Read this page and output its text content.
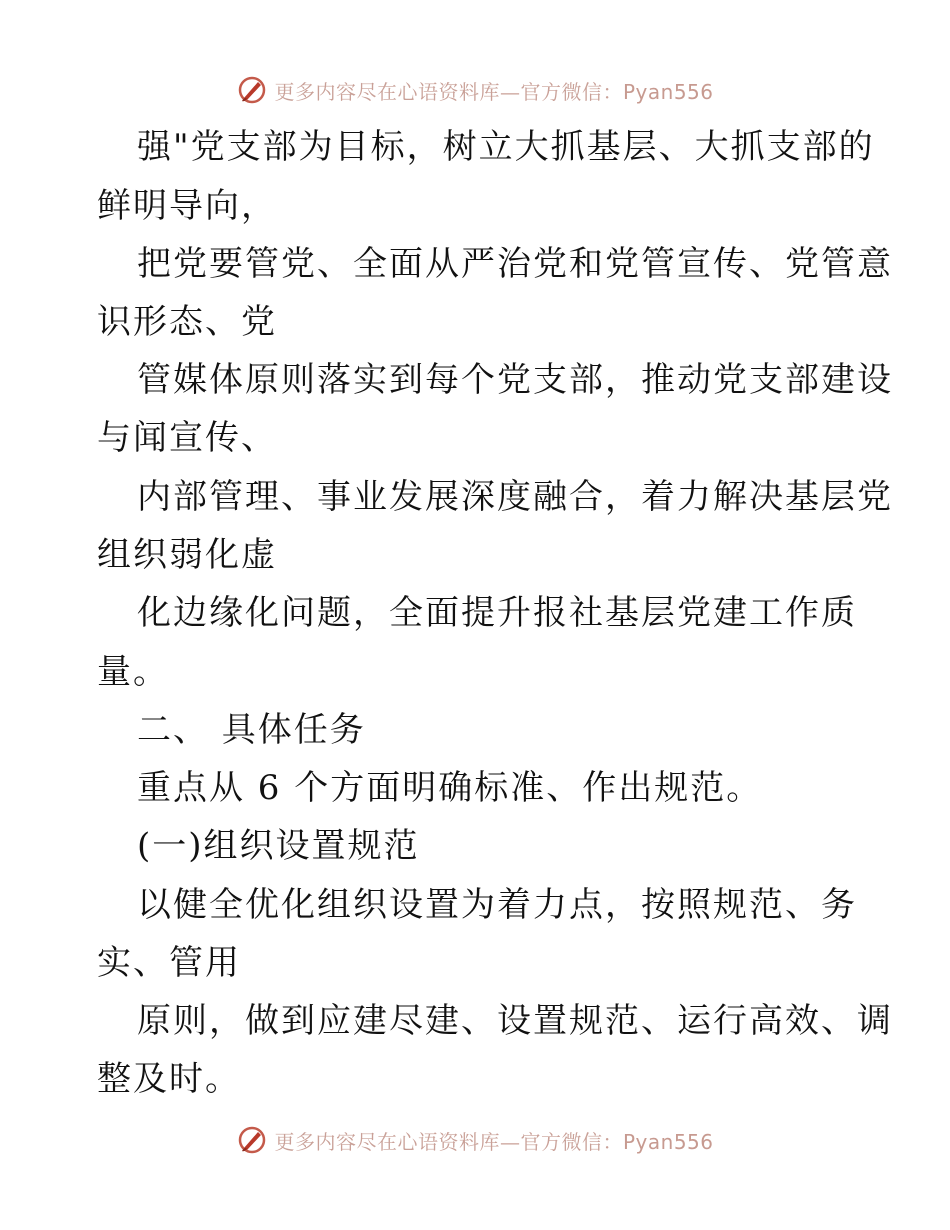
更多内容尽在心语资料库—官方微信：Pyan556
强"党支部为目标，树立大抓基层、大抓支部的
鲜明导向，
把党要管党、全面从严治党和党管宣传、党管意
识形态、党
管媒体原则落实到每个党支部，推动党支部建设
与闻宣传、
内部管理、事业发展深度融合，着力解决基层党
组织弱化虚
化边缘化问题，全面提升报社基层党建工作质
量。
二、 具体任务
重点从 6 个方面明确标准、作出规范。
(一)组织设置规范
以健全优化组织设置为着力点，按照规范、务
实、管用
原则，做到应建尽建、设置规范、运行高效、调
整及时。
更多内容尽在心语资料库—官方微信：Pyan556
